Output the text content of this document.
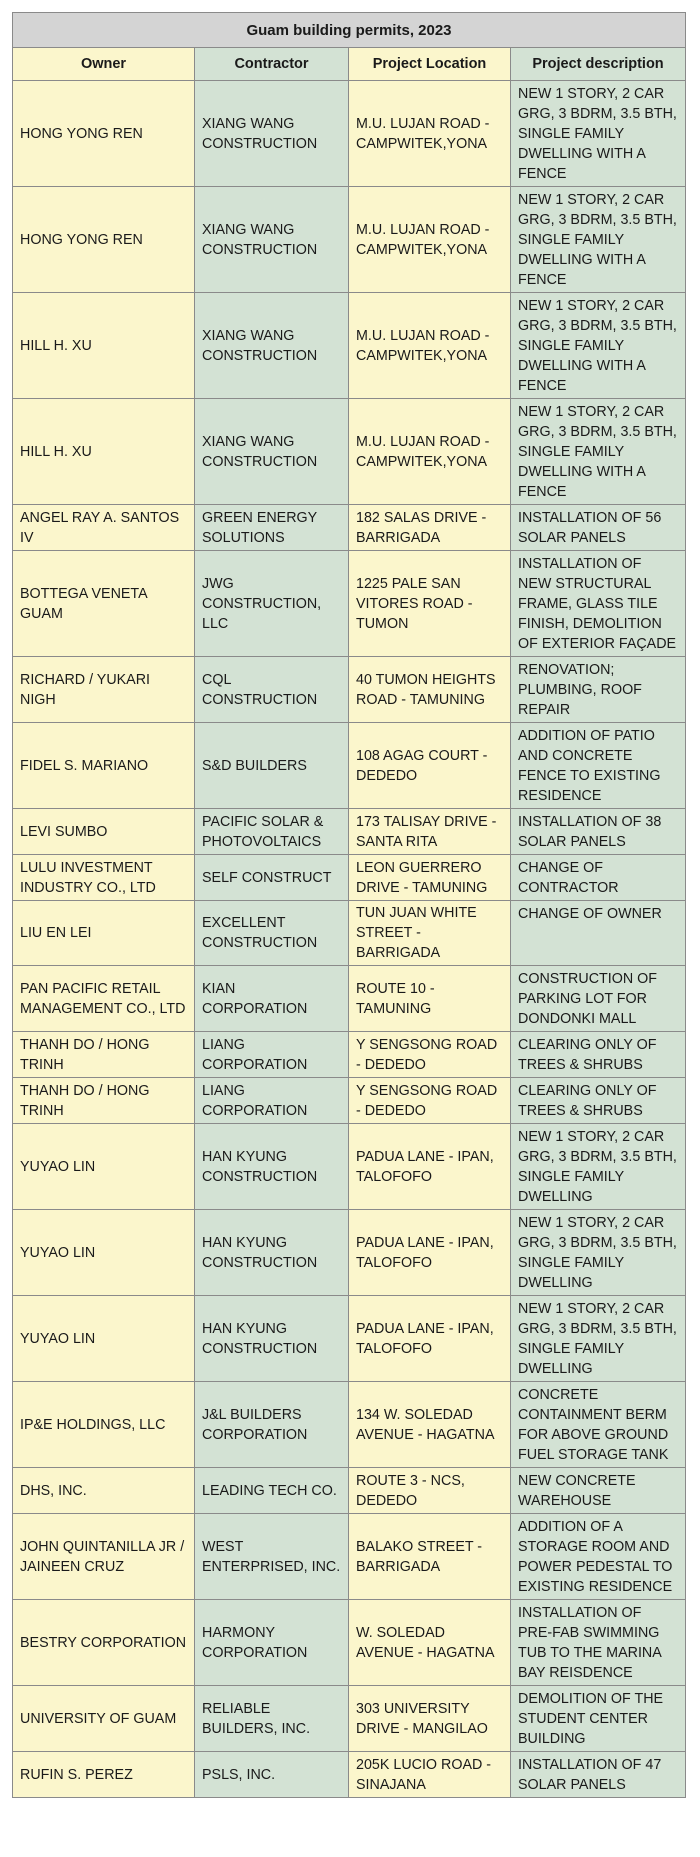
Guam building permits, 2023			
Owner	Contractor	Project Location	Project description
HONG YONG REN	XIANG WANG CONSTRUCTION	M.U. LUJAN ROAD - CAMPWITEK,YONA	NEW 1 STORY, 2 CAR GRG, 3 BDRM, 3.5 BTH, SINGLE FAMILY DWELLING WITH A FENCE
HONG YONG REN	XIANG WANG CONSTRUCTION	M.U. LUJAN ROAD - CAMPWITEK,YONA	NEW 1 STORY, 2 CAR GRG, 3 BDRM, 3.5 BTH, SINGLE FAMILY DWELLING WITH A FENCE
HILL H. XU	XIANG WANG CONSTRUCTION	M.U. LUJAN ROAD - CAMPWITEK,YONA	NEW 1 STORY, 2 CAR GRG, 3 BDRM, 3.5 BTH, SINGLE FAMILY DWELLING WITH A FENCE
HILL H. XU	XIANG WANG CONSTRUCTION	M.U. LUJAN ROAD - CAMPWITEK,YONA	NEW 1 STORY, 2 CAR GRG, 3 BDRM, 3.5 BTH, SINGLE FAMILY DWELLING WITH A FENCE
ANGEL RAY A. SANTOS IV	GREEN ENERGY SOLUTIONS	182 SALAS DRIVE - BARRIGADA	INSTALLATION OF 56 SOLAR PANELS
BOTTEGA VENETA GUAM	JWG CONSTRUCTION, LLC	1225 PALE SAN VITORES ROAD - TUMON	INSTALLATION OF NEW STRUCTURAL FRAME, GLASS TILE FINISH, DEMOLITION OF EXTERIOR FAÇADE
RICHARD / YUKARI NIGH	CQL CONSTRUCTION	40 TUMON HEIGHTS ROAD - TAMUNING	RENOVATION; PLUMBING, ROOF REPAIR
FIDEL S. MARIANO	S&D BUILDERS	108 AGAG COURT - DEDEDO	ADDITION OF PATIO AND CONCRETE FENCE TO EXISTING RESIDENCE
LEVI SUMBO	PACIFIC SOLAR & PHOTOVOLTAICS	173 TALISAY DRIVE - SANTA RITA	INSTALLATION OF 38 SOLAR PANELS
LULU INVESTMENT INDUSTRY CO., LTD	SELF CONSTRUCT	LEON GUERRERO DRIVE - TAMUNING	CHANGE OF CONTRACTOR
LIU EN LEI	EXCELLENT CONSTRUCTION	TUN JUAN WHITE STREET - BARRIGADA	CHANGE OF OWNER
PAN PACIFIC RETAIL MANAGEMENT CO., LTD	KIAN CORPORATION	ROUTE 10 - TAMUNING	CONSTRUCTION OF PARKING LOT FOR DONDONKI MALL
THANH DO / HONG TRINH	LIANG CORPORATION	Y SENGSONG ROAD - DEDEDO	CLEARING ONLY OF TREES & SHRUBS
THANH DO / HONG TRINH	LIANG CORPORATION	Y SENGSONG ROAD - DEDEDO	CLEARING ONLY OF TREES & SHRUBS
YUYAO LIN	HAN KYUNG CONSTRUCTION	PADUA LANE - IPAN, TALOFOFO	NEW 1 STORY, 2 CAR GRG, 3 BDRM, 3.5 BTH, SINGLE FAMILY DWELLING
YUYAO LIN	HAN KYUNG CONSTRUCTION	PADUA LANE - IPAN, TALOFOFO	NEW 1 STORY, 2 CAR GRG, 3 BDRM, 3.5 BTH, SINGLE FAMILY DWELLING
YUYAO LIN	HAN KYUNG CONSTRUCTION	PADUA LANE - IPAN, TALOFOFO	NEW 1 STORY, 2 CAR GRG, 3 BDRM, 3.5 BTH, SINGLE FAMILY DWELLING
IP&E HOLDINGS, LLC	J&L BUILDERS CORPORATION	134 W. SOLEDAD AVENUE - HAGATNA	CONCRETE CONTAINMENT BERM FOR ABOVE GROUND FUEL STORAGE TANK
DHS, INC.	LEADING TECH CO.	ROUTE 3 - NCS, DEDEDO	NEW CONCRETE WAREHOUSE
JOHN QUINTANILLA JR / JAINEEN CRUZ	WEST ENTERPRISED, INC.	BALAKO STREET - BARRIGADA	ADDITION OF A STORAGE ROOM AND POWER PEDESTAL TO EXISTING RESIDENCE
BESTRY CORPORATION	HARMONY CORPORATION	W. SOLEDAD AVENUE - HAGATNA	INSTALLATION OF PRE-FAB SWIMMING TUB TO THE MARINA BAY REISDENCE
UNIVERSITY OF GUAM	RELIABLE BUILDERS, INC.	303 UNIVERSITY DRIVE - MANGILAO	DEMOLITION OF THE STUDENT CENTER BUILDING
RUFIN S. PEREZ	PSLS, INC.	205K LUCIO ROAD - SINAJANA	INSTALLATION OF 47 SOLAR PANELS
